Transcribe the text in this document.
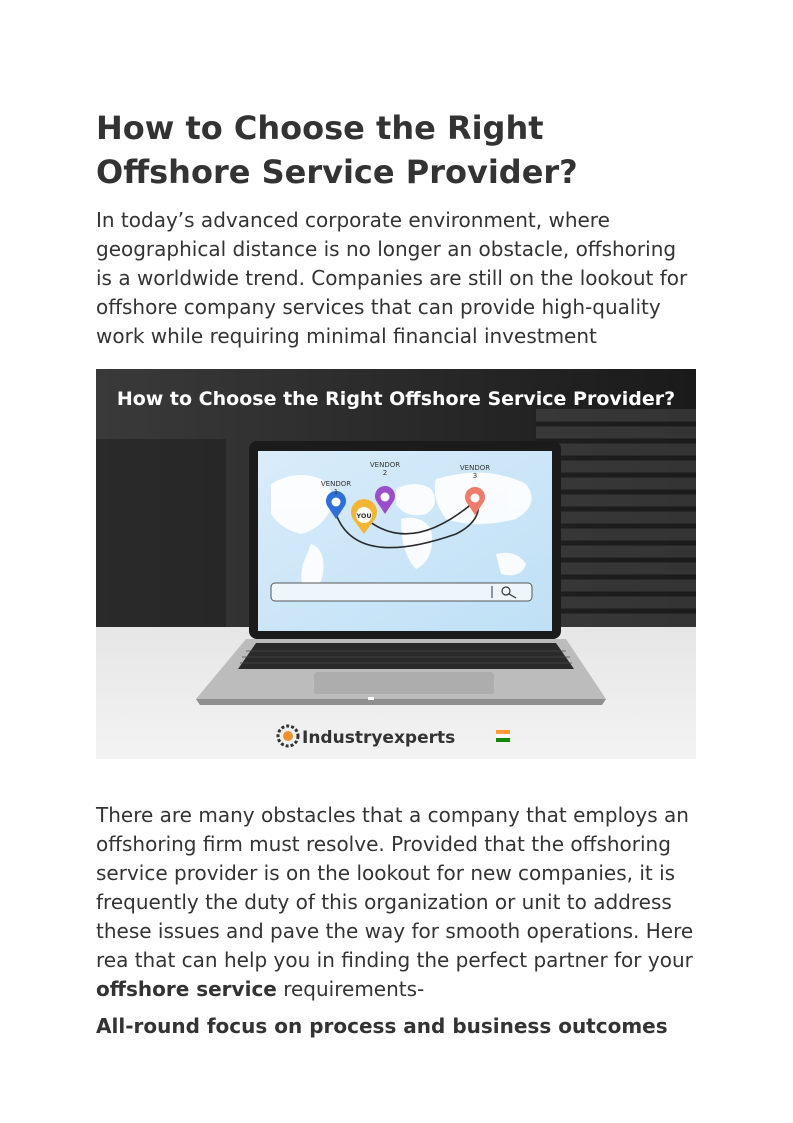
How to Choose the Right Offshore Service Provider?

In today’s advanced corporate environment, where geographical distance is no longer an obstacle, offshoring is a worldwide trend. Companies are still on the lookout for offshore company services that can provide high-quality work while requiring minimal financial investment

How to Choose the Right Offshore Service Provider?
VENDOR
1
VENDOR
2
YOU
VENDOR
3
Industryexperts

There are many obstacles that a company that employs an offshoring firm must resolve. Provided that the offshoring service provider is on the lookout for new companies, it is frequently the duty of this organization or unit to address these issues and pave the way for smooth operations. Here rea that can help you in finding the perfect partner for your offshore service requirements-

All-round focus on process and business outcomes
